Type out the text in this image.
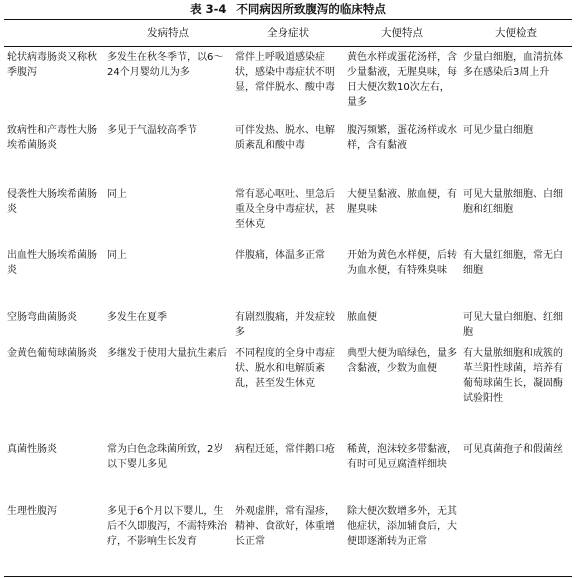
表 3-4 不同病因所致腹泻的临床特点
	发病特点	全身症状	大便特点	大便检查
轮状病毒肠炎又称秋季腹泻	多发生在秋冬季节，以6～24个月婴幼儿为多	常伴上呼吸道感染症状，感染中毒症状不明显，常伴脱水、酸中毒	黄色水样或蛋花汤样，含少量黏液，无腥臭味，每日大便次数10次左右，量多	少量白细胞，血清抗体多在感染后3周上升
致病性和产毒性大肠埃希菌肠炎	多见于气温较高季节	可伴发热、脱水、电解质紊乱和酸中毒	腹泻频繁，蛋花汤样或水样，含有黏液	可见少量白细胞
侵袭性大肠埃希菌肠炎	同上	常有恶心呕吐、里急后重及全身中毒症状，甚至休克	大便呈黏液、脓血便，有腥臭味	可见大量脓细胞、白细胞和红细胞
出血性大肠埃希菌肠炎	同上	伴腹痛，体温多正常	开始为黄色水样便，后转为血水便，有特殊臭味	有大量红细胞，常无白细胞
空肠弯曲菌肠炎	多发生在夏季	有剧烈腹痛，并发症较多	脓血便	可见大量白细胞、红细胞
金黄色葡萄球菌肠炎	多继发于使用大量抗生素后	不同程度的全身中毒症状、脱水和电解质紊乱，甚至发生休克	典型大便为暗绿色，量多含黏液，少数为血便	有大量脓细胞和成簇的革兰阳性球菌，培养有葡萄球菌生长，凝固酶试验阳性
真菌性肠炎	常为白色念珠菌所致，2岁以下婴儿多见	病程迁延，常伴鹅口疮	稀黄，泡沫较多带黏液，有时可见豆腐渣样细块	可见真菌孢子和假菌丝
生理性腹泻	多见于6个月以下婴儿，生后不久即腹泻，不需特殊治疗，不影响生长发育	外观虚胖，常有湿疹，精神、食欲好，体重增长正常	除大便次数增多外，无其他症状，添加辅食后，大便即逐渐转为正常	
